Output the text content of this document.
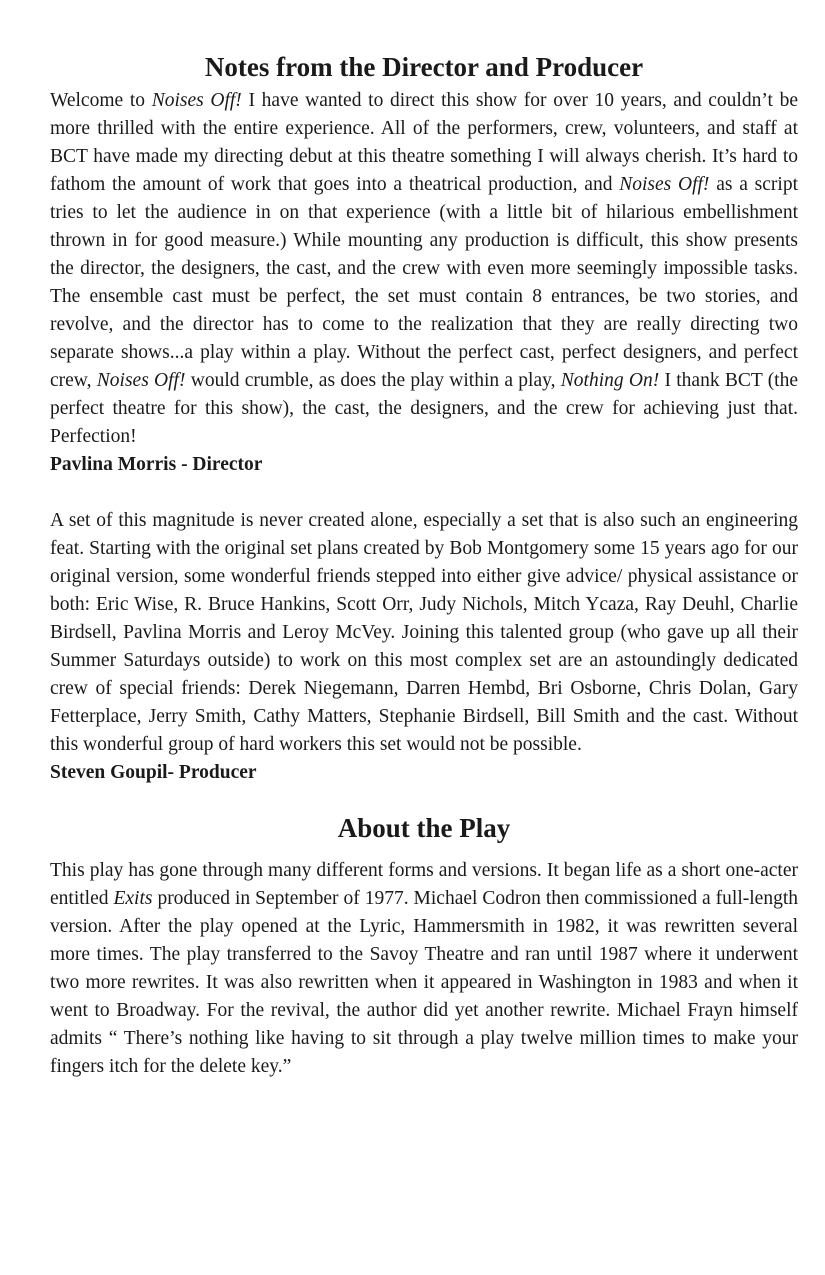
Notes from the Director and Producer

Welcome to Noises Off! I have wanted to direct this show for over 10 years, and couldn’t be more thrilled with the entire experience. All of the performers, crew, volunteers, and staff at BCT have made my directing debut at this theatre something I will always cherish. It’s hard to fathom the amount of work that goes into a theatrical production, and Noises Off! as a script tries to let the audience in on that experience (with a little bit of hilarious embellishment thrown in for good measure.) While mounting any production is difficult, this show presents the director, the designers, the cast, and the crew with even more seemingly impossible tasks. The ensemble cast must be perfect, the set must contain 8 entrances, be two stories, and revolve, and the director has to come to the realization that they are really directing two separate shows...a play within a play. Without the perfect cast, perfect designers, and perfect crew, Noises Off! would crumble, as does the play within a play, Nothing On! I thank BCT (the perfect theatre for this show), the cast, the designers, and the crew for achieving just that. Perfection!

Pavlina Morris - Director

A set of this magnitude is never created alone, especially a set that is also such an engineering feat. Starting with the original set plans created by Bob Montgomery some 15 years ago for our original version, some wonderful friends stepped into either give advice/ physical assistance or both: Eric Wise, R. Bruce Hankins, Scott Orr, Judy Nichols, Mitch Ycaza, Ray Deuhl, Charlie Birdsell, Pavlina Morris and Leroy McVey. Joining this talented group (who gave up all their Summer Saturdays outside) to work on this most complex set are an astoundingly dedicated crew of special friends: Derek Niegemann, Darren Hembd, Bri Osborne, Chris Dolan, Gary Fetterplace, Jerry Smith, Cathy Matters, Stephanie Birdsell, Bill Smith and the cast. Without this wonderful group of hard workers this set would not be possible.

Steven Goupil- Producer
About the Play

This play has gone through many different forms and versions. It began life as a short one-acter entitled Exits produced in September of 1977. Michael Codron then commissioned a full-length version. After the play opened at the Lyric, Hammersmith in 1982, it was rewritten several more times. The play transferred to the Savoy Theatre and ran until 1987 where it underwent two more rewrites. It was also rewritten when it appeared in Washington in 1983 and when it went to Broadway. For the revival, the author did yet another rewrite. Michael Frayn himself admits “ There’s nothing like having to sit through a play twelve million times to make your fingers itch for the delete key.”
